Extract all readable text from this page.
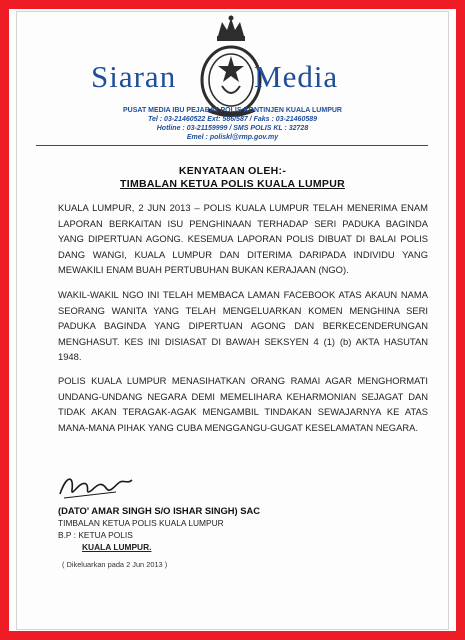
Siaran	Media
PUSAT MEDIA IBU PEJABAT POLIS KONTINJEN KUALA LUMPUR
Tel : 03-21460522 Ext: 586/587 / Faks : 03-21460589
Hotline : 03-21159999 / SMS POLIS KL : 32728
Emel : poliskl@rmp.gov.my
KENYATAAN OLEH:-
TIMBALAN KETUA POLIS KUALA LUMPUR

KUALA LUMPUR, 2 JUN 2013 – POLIS KUALA LUMPUR TELAH MENERIMA ENAM LAPORAN BERKAITAN ISU PENGHINAAN TERHADAP SERI PADUKA BAGINDA YANG DIPERTUAN AGONG. KESEMUA LAPORAN POLIS DIBUAT DI BALAI POLIS DANG WANGI, KUALA LUMPUR DAN DITERIMA DARIPADA INDIVIDU YANG MEWAKILI ENAM BUAH PERTUBUHAN BUKAN KERAJAAN (NGO).

WAKIL-WAKIL NGO INI TELAH MEMBACA LAMAN FACEBOOK ATAS AKAUN NAMA SEORANG WANITA YANG TELAH MENGELUARKAN KOMEN MENGHINA SERI PADUKA BAGINDA YANG DIPERTUAN AGONG DAN BERKECENDERUNGAN MENGHASUT. KES INI DISIASAT DI BAWAH SEKSYEN 4 (1) (b) AKTA HASUTAN 1948.

POLIS KUALA LUMPUR MENASIHATKAN ORANG RAMAI AGAR MENGHORMATI UNDANG-UNDANG NEGARA DEMI MEMELIHARA KEHARMONIAN SEJAGAT DAN TIDAK AKAN TERAGAK-AGAK MENGAMBIL TINDAKAN SEWAJARNYA KE ATAS MANA-MANA PIHAK YANG CUBA MENGGANGU-GUGAT KESELAMATAN NEGARA.

(DATO' AMAR SINGH S/O ISHAR SINGH) SAC
TIMBALAN KETUA POLIS KUALA LUMPUR
B.P : KETUA POLIS
KUALA LUMPUR.
( Dikeluarkan pada 2 Jun 2013 )
